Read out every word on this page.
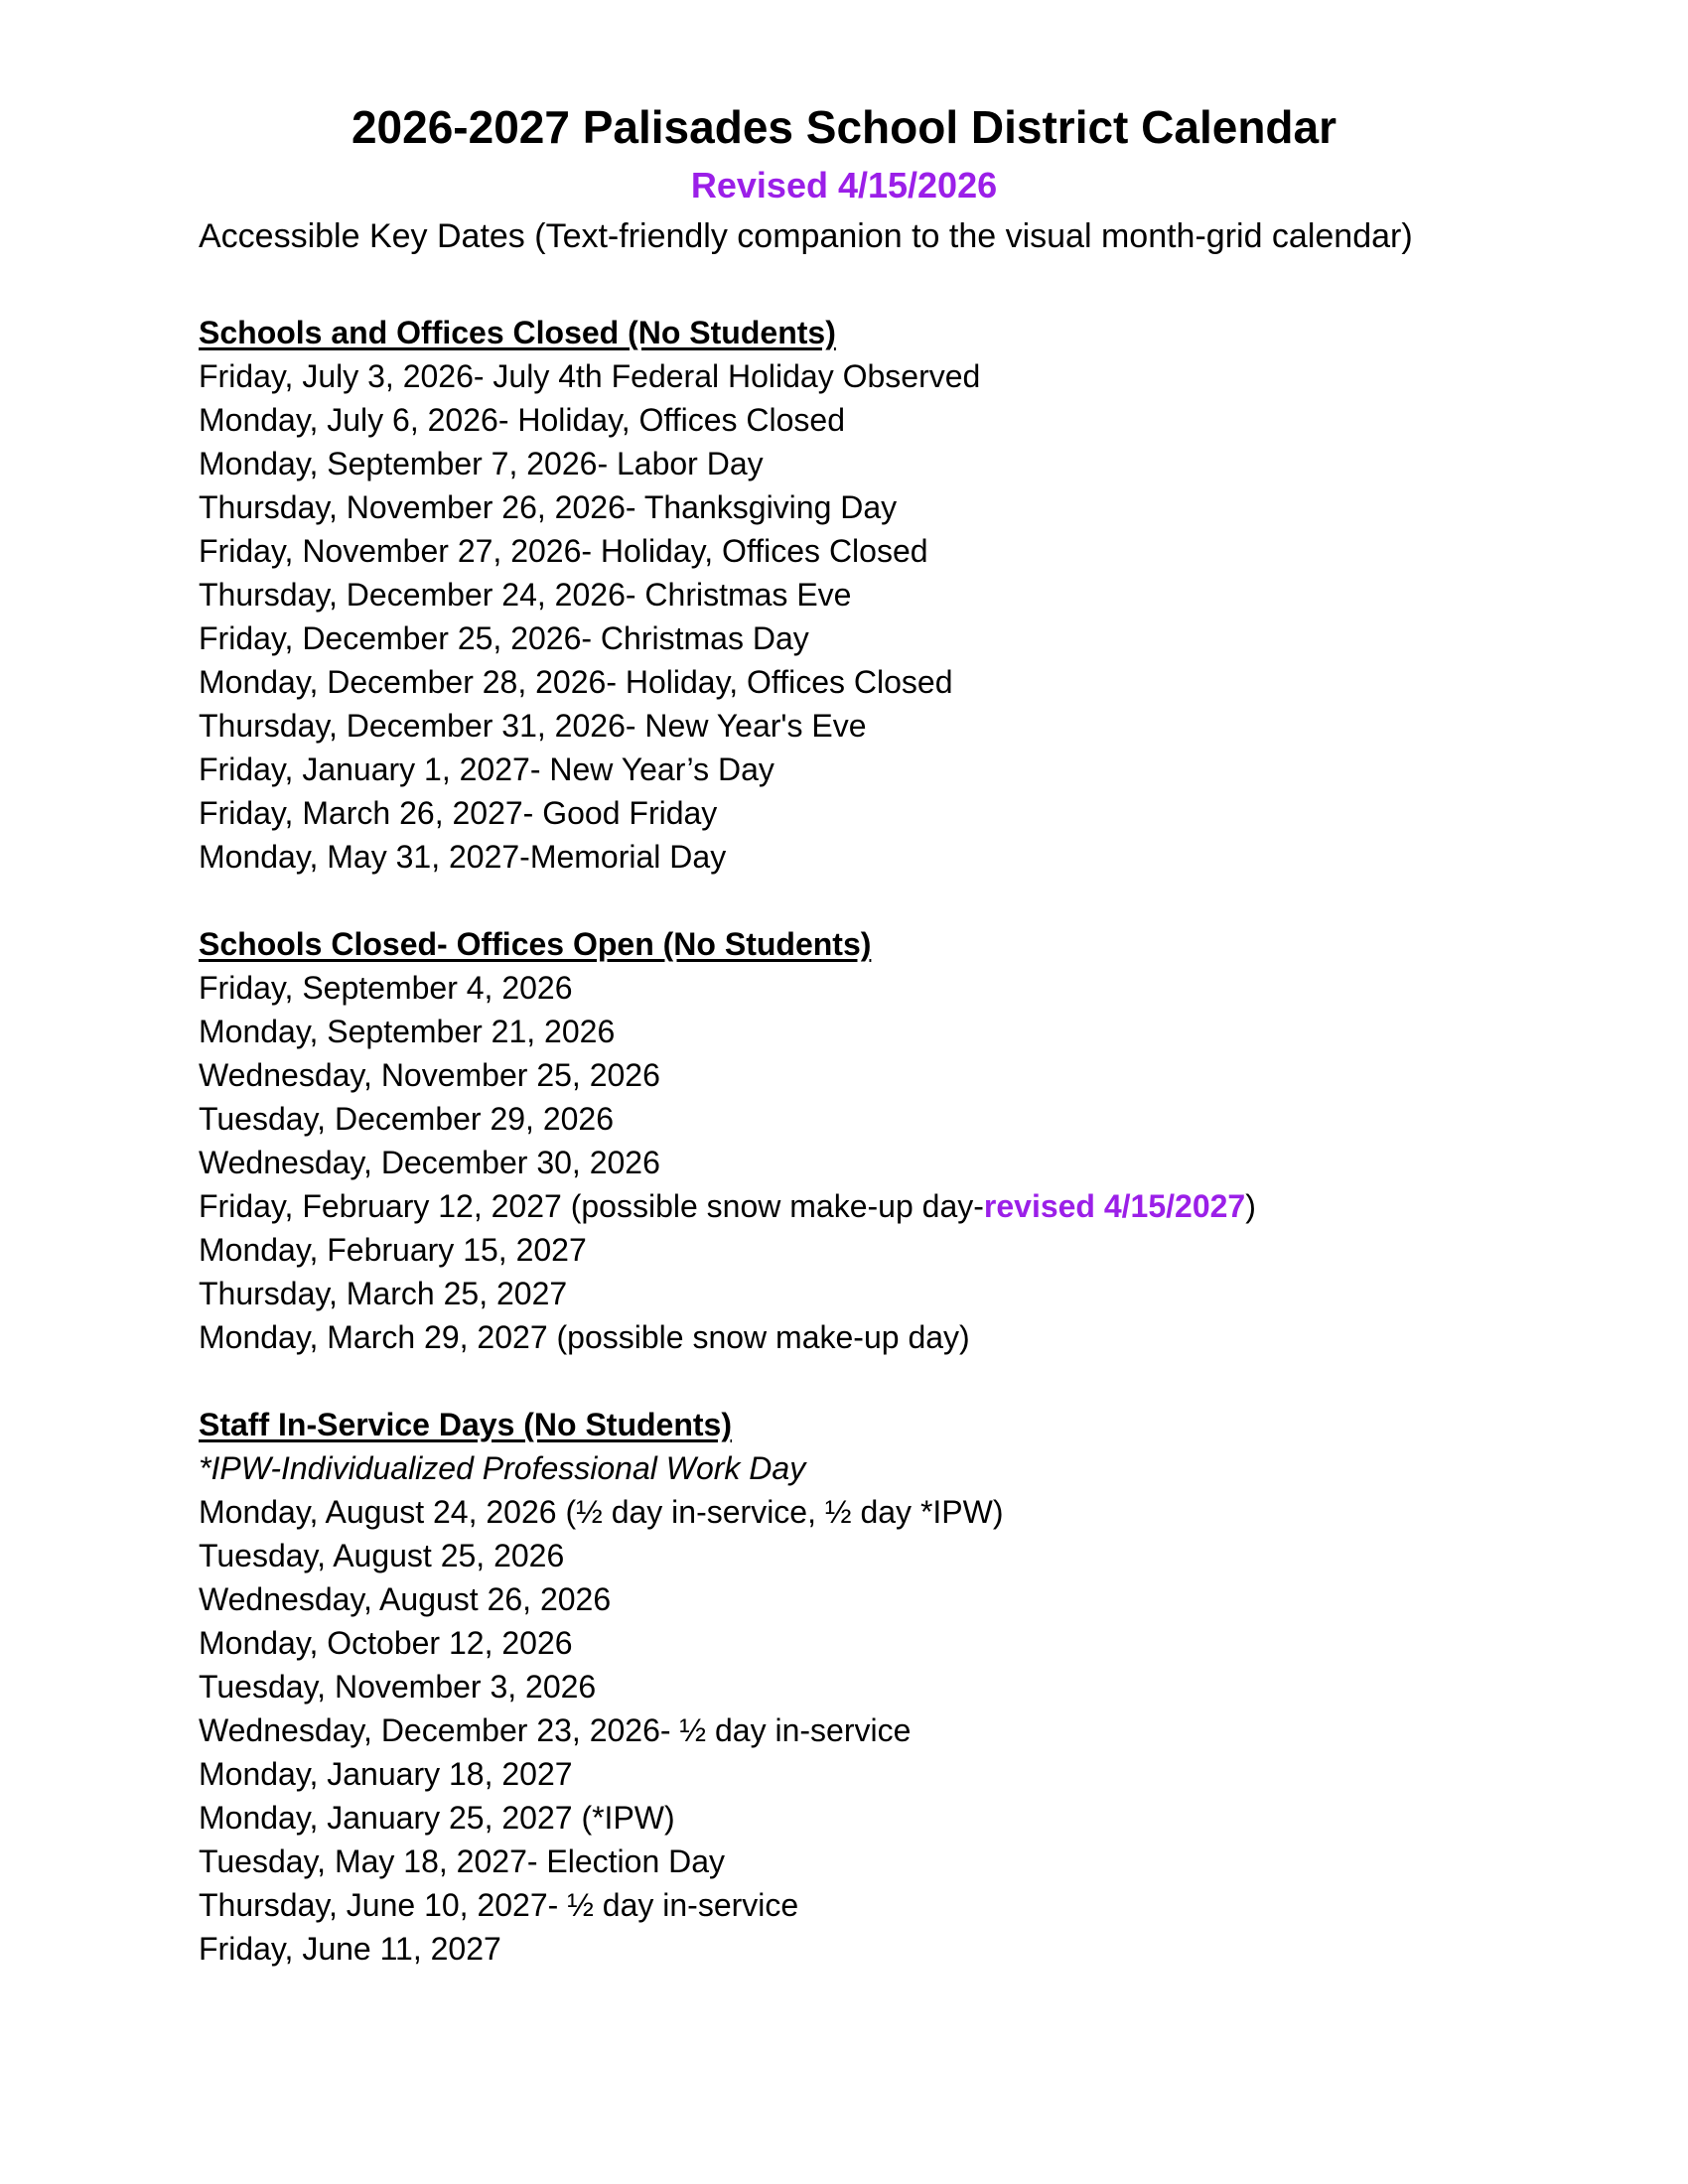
2026-2027 Palisades School District Calendar
Revised 4/15/2026
Accessible Key Dates (Text-friendly companion to the visual month-grid calendar)
Schools and Offices Closed (No Students)
Friday, July 3, 2026- July 4th Federal Holiday Observed
Monday, July 6, 2026- Holiday, Offices Closed
Monday, September 7, 2026- Labor Day
Thursday, November 26, 2026- Thanksgiving Day
Friday, November 27, 2026- Holiday, Offices Closed
Thursday, December 24, 2026- Christmas Eve
Friday, December 25, 2026- Christmas Day
Monday, December 28, 2026- Holiday, Offices Closed
Thursday, December 31, 2026- New Year's Eve
Friday, January 1, 2027- New Year’s Day
Friday, March 26, 2027- Good Friday
Monday, May 31, 2027-Memorial Day
Schools Closed- Offices Open (No Students)
Friday, September 4, 2026
Monday, September 21, 2026
Wednesday, November 25, 2026
Tuesday, December 29, 2026
Wednesday, December 30, 2026
Friday, February 12, 2027 (possible snow make-up day-revised 4/15/2027)
Monday, February 15, 2027
Thursday, March 25, 2027
Monday, March 29, 2027 (possible snow make-up day)
Staff In-Service Days (No Students)
*IPW-Individualized Professional Work Day
Monday, August 24, 2026 (½ day in-service, ½ day *IPW)
Tuesday, August 25, 2026
Wednesday, August 26, 2026
Monday, October 12, 2026
Tuesday, November 3, 2026
Wednesday, December 23, 2026- ½ day in-service
Monday, January 18, 2027
Monday, January 25, 2027 (*IPW)
Tuesday, May 18, 2027- Election Day
Thursday, June 10, 2027- ½ day in-service
Friday, June 11, 2027
